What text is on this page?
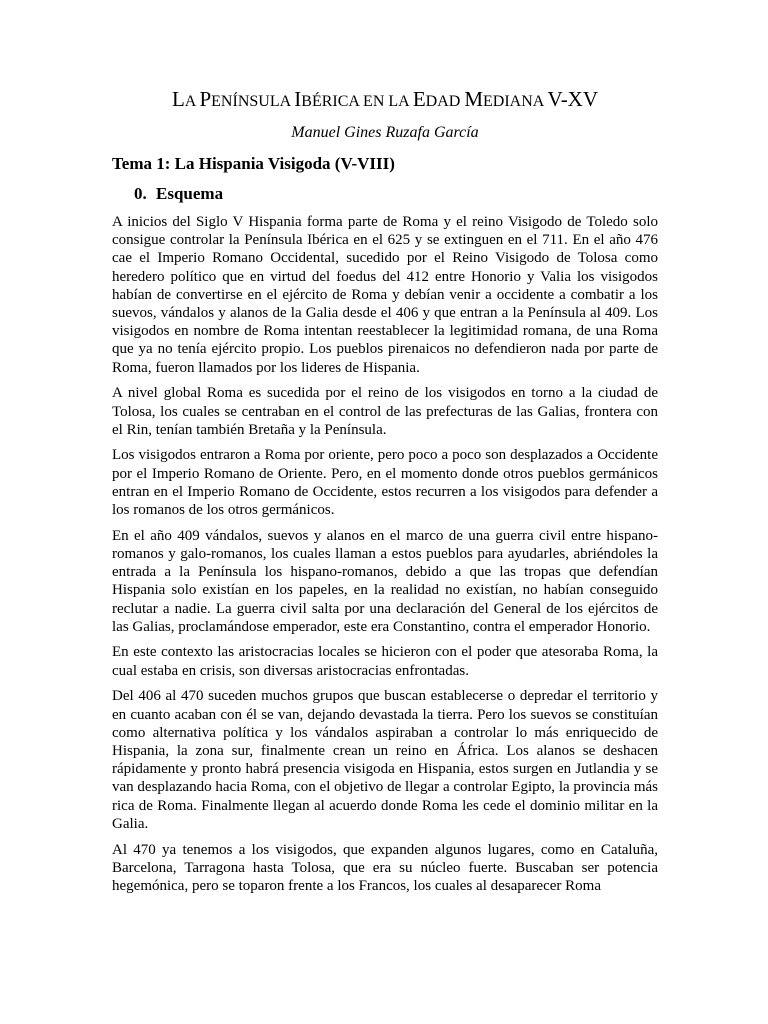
LA PENÍNSULA IBÉRICA EN LA EDAD MEDIANA V-XV
Manuel Gines Ruzafa García
Tema 1: La Hispania Visigoda (V-VIII)
0. Esquema

A inicios del Siglo V Hispania forma parte de Roma y el reino Visigodo de Toledo solo consigue controlar la Península Ibérica en el 625 y se extinguen en el 711. En el año 476 cae el Imperio Romano Occidental, sucedido por el Reino Visigodo de Tolosa como heredero político que en virtud del foedus del 412 entre Honorio y Valia los visigodos habían de convertirse en el ejército de Roma y debían venir a occidente a combatir a los suevos, vándalos y alanos de la Galia desde el 406 y que entran a la Península al 409. Los visigodos en nombre de Roma intentan reestablecer la legitimidad romana, de una Roma que ya no tenía ejército propio. Los pueblos pirenaicos no defendieron nada por parte de Roma, fueron llamados por los lideres de Hispania.

A nivel global Roma es sucedida por el reino de los visigodos en torno a la ciudad de Tolosa, los cuales se centraban en el control de las prefecturas de las Galias, frontera con el Rin, tenían también Bretaña y la Península.

Los visigodos entraron a Roma por oriente, pero poco a poco son desplazados a Occidente por el Imperio Romano de Oriente. Pero, en el momento donde otros pueblos germánicos entran en el Imperio Romano de Occidente, estos recurren a los visigodos para defender a los romanos de los otros germánicos.

En el año 409 vándalos, suevos y alanos en el marco de una guerra civil entre hispano-romanos y galo-romanos, los cuales llaman a estos pueblos para ayudarles, abriéndoles la entrada a la Península los hispano-romanos, debido a que las tropas que defendían Hispania solo existían en los papeles, en la realidad no existían, no habían conseguido reclutar a nadie. La guerra civil salta por una declaración del General de los ejércitos de las Galias, proclamándose emperador, este era Constantino, contra el emperador Honorio.

En este contexto las aristocracias locales se hicieron con el poder que atesoraba Roma, la cual estaba en crisis, son diversas aristocracias enfrontadas.

Del 406 al 470 suceden muchos grupos que buscan establecerse o depredar el territorio y en cuanto acaban con él se van, dejando devastada la tierra. Pero los suevos se constituían como alternativa política y los vándalos aspiraban a controlar lo más enriquecido de Hispania, la zona sur, finalmente crean un reino en África. Los alanos se deshacen rápidamente y pronto habrá presencia visigoda en Hispania, estos surgen en Jutlandia y se van desplazando hacia Roma, con el objetivo de llegar a controlar Egipto, la provincia más rica de Roma. Finalmente llegan al acuerdo donde Roma les cede el dominio militar en la Galia.

Al 470 ya tenemos a los visigodos, que expanden algunos lugares, como en Cataluña, Barcelona, Tarragona hasta Tolosa, que era su núcleo fuerte. Buscaban ser potencia hegemónica, pero se toparon frente a los Francos, los cuales al desaparecer Roma
